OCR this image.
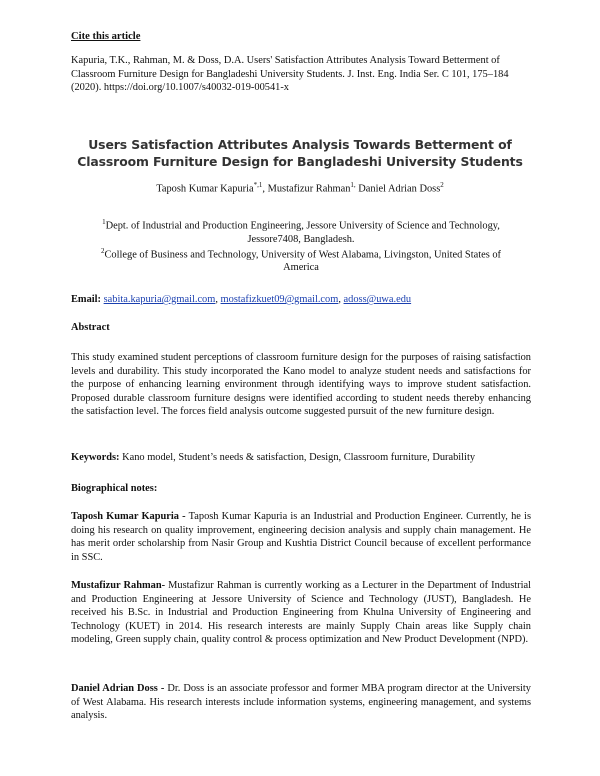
Cite this article
Kapuria, T.K., Rahman, M. & Doss, D.A. Users' Satisfaction Attributes Analysis Toward Betterment of Classroom Furniture Design for Bangladeshi University Students. J. Inst. Eng. India Ser. C 101, 175–184 (2020). https://doi.org/10.1007/s40032-019-00541-x
Users Satisfaction Attributes Analysis Towards Betterment of Classroom Furniture Design for Bangladeshi University Students
Taposh Kumar Kapuria$^{*,1}$, Mustafizur Rahman$^{1,}$ Daniel Adrian Doss$^2$
$^1$Dept. of Industrial and Production Engineering, Jessore University of Science and Technology,
Jessore7408, Bangladesh.
$^2$College of Business and Technology, University of West Alabama, Livingston, United States of
America
Email: sabita.kapuria@gmail.com, mostafizkuet09@gmail.com, adoss@uwa.edu
Abstract
This study examined student perceptions of classroom furniture design for the purposes of raising satisfaction levels and durability. This study incorporated the Kano model to analyze student needs and satisfactions for the purpose of enhancing learning environment through identifying ways to improve student satisfaction. Proposed durable classroom furniture designs were identified according to student needs thereby enhancing the satisfaction level. The forces field analysis outcome suggested pursuit of the new furniture design.
Keywords: Kano model, Student’s needs & satisfaction, Design, Classroom furniture, Durability
Biographical notes:
Taposh Kumar Kapuria - Taposh Kumar Kapuria is an Industrial and Production Engineer. Currently, he is doing his research on quality improvement, engineering decision analysis and supply chain management. He has merit order scholarship from Nasir Group and Kushtia District Council because of excellent performance in SSC.
Mustafizur Rahman- Mustafizur Rahman is currently working as a Lecturer in the Department of Industrial and Production Engineering at Jessore University of Science and Technology (JUST), Bangladesh. He received his B.Sc. in Industrial and Production Engineering from Khulna University of Engineering and Technology (KUET) in 2014. His research interests are mainly Supply Chain areas like Supply chain modeling, Green supply chain, quality control & process optimization and New Product Development (NPD).
Daniel Adrian Doss - Dr. Doss is an associate professor and former MBA program director at the University of West Alabama. His research interests include information systems, engineering management, and systems analysis.
